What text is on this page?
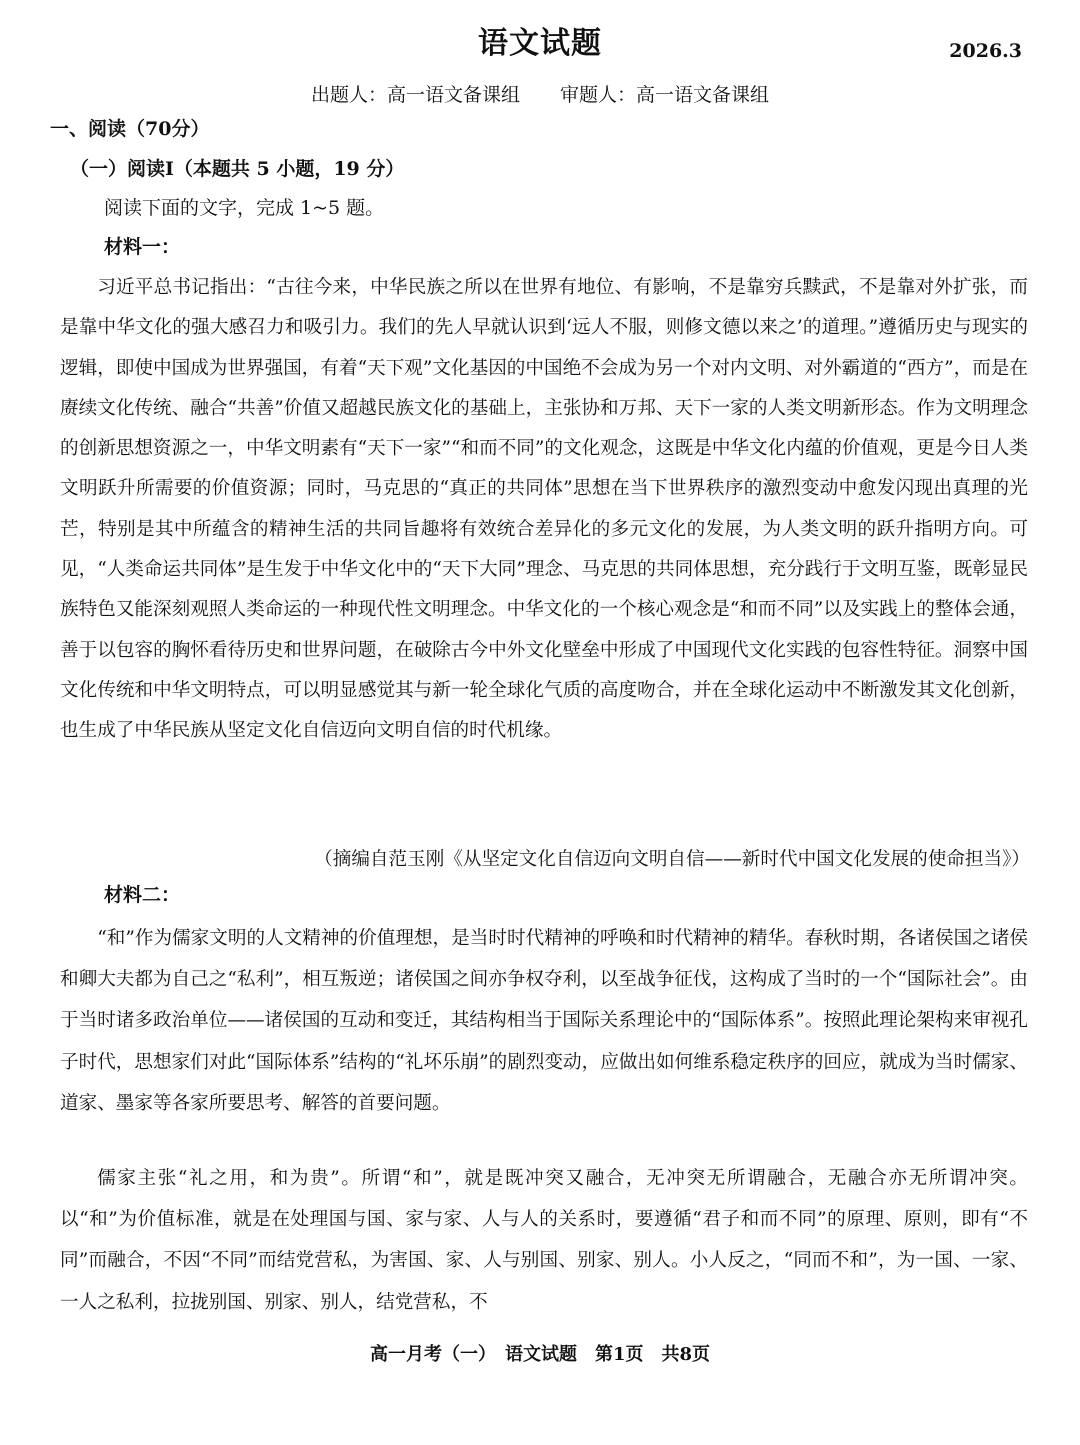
语文试题	2026.3
出题人：高一语文备课组 审题人：高一语文备课组
一、阅读（70分）
（一）阅读I（本题共 5 小题，19 分）
阅读下面的文字，完成 1~5 题。
材料一：

习近平总书记指出：“古往今来，中华民族之所以在世界有地位、有影响，不是靠穷兵黩武，不是靠对外扩张，而是靠中华文化的强大感召力和吸引力。我们的先人早就认识到‘远人不服，则修文德以来之’的道理。”遵循历史与现实的逻辑，即使中国成为世界强国，有着“天下观”文化基因的中国绝不会成为另一个对内文明、对外霸道的“西方”，而是在赓续文化传统、融合“共善”价值又超越民族文化的基础上，主张协和万邦、天下一家的人类文明新形态。作为文明理念的创新思想资源之一，中华文明素有“天下一家”“和而不同”的文化观念，这既是中华文化内蕴的价值观，更是今日人类文明跃升所需要的价值资源；同时，马克思的“真正的共同体”思想在当下世界秩序的激烈变动中愈发闪现出真理的光芒，特别是其中所蕴含的精神生活的共同旨趣将有效统合差异化的多元文化的发展，为人类文明的跃升指明方向。可见，“人类命运共同体”是生发于中华文化中的“天下大同”理念、马克思的共同体思想，充分践行于文明互鉴，既彰显民族特色又能深刻观照人类命运的一种现代性文明理念。中华文化的一个核心观念是“和而不同”以及实践上的整体会通，善于以包容的胸怀看待历史和世界问题，在破除古今中外文化壁垒中形成了中国现代文化实践的包容性特征。洞察中国文化传统和中华文明特点，可以明显感觉其与新一轮全球化气质的高度吻合，并在全球化运动中不断激发其文化创新，也生成了中华民族从坚定文化自信迈向文明自信的时代机缘。

（摘编自范玉刚《从坚定文化自信迈向文明自信——新时代中国文化发展的使命担当》）
材料二：

“和”作为儒家文明的人文精神的价值理想，是当时时代精神的呼唤和时代精神的精华。春秋时期，各诸侯国之诸侯和卿大夫都为自己之“私利”，相互叛逆；诸侯国之间亦争权夺利，以至战争征伐，这构成了当时的一个“国际社会”。由于当时诸多政治单位——诸侯国的互动和变迁，其结构相当于国际关系理论中的“国际体系”。按照此理论架构来审视孔子时代，思想家们对此“国际体系”结构的“礼坏乐崩”的剧烈变动，应做出如何维系稳定秩序的回应，就成为当时儒家、道家、墨家等各家所要思考、解答的首要问题。

儒家主张“礼之用，和为贵”。所谓“和”，就是既冲突又融合，无冲突无所谓融合，无融合亦无所谓冲突。以“和”为价值标准，就是在处理国与国、家与家、人与人的关系时，要遵循“君子和而不同”的原理、原则，即有“不同”而融合，不因“不同”而结党营私，为害国、家、人与别国、别家、别人。小人反之，“同而不和”，为一国、一家、一人之私利，拉拢别国、别家、别人，结党营私，不

高一月考（一）　语文试题　第1页　共8页
